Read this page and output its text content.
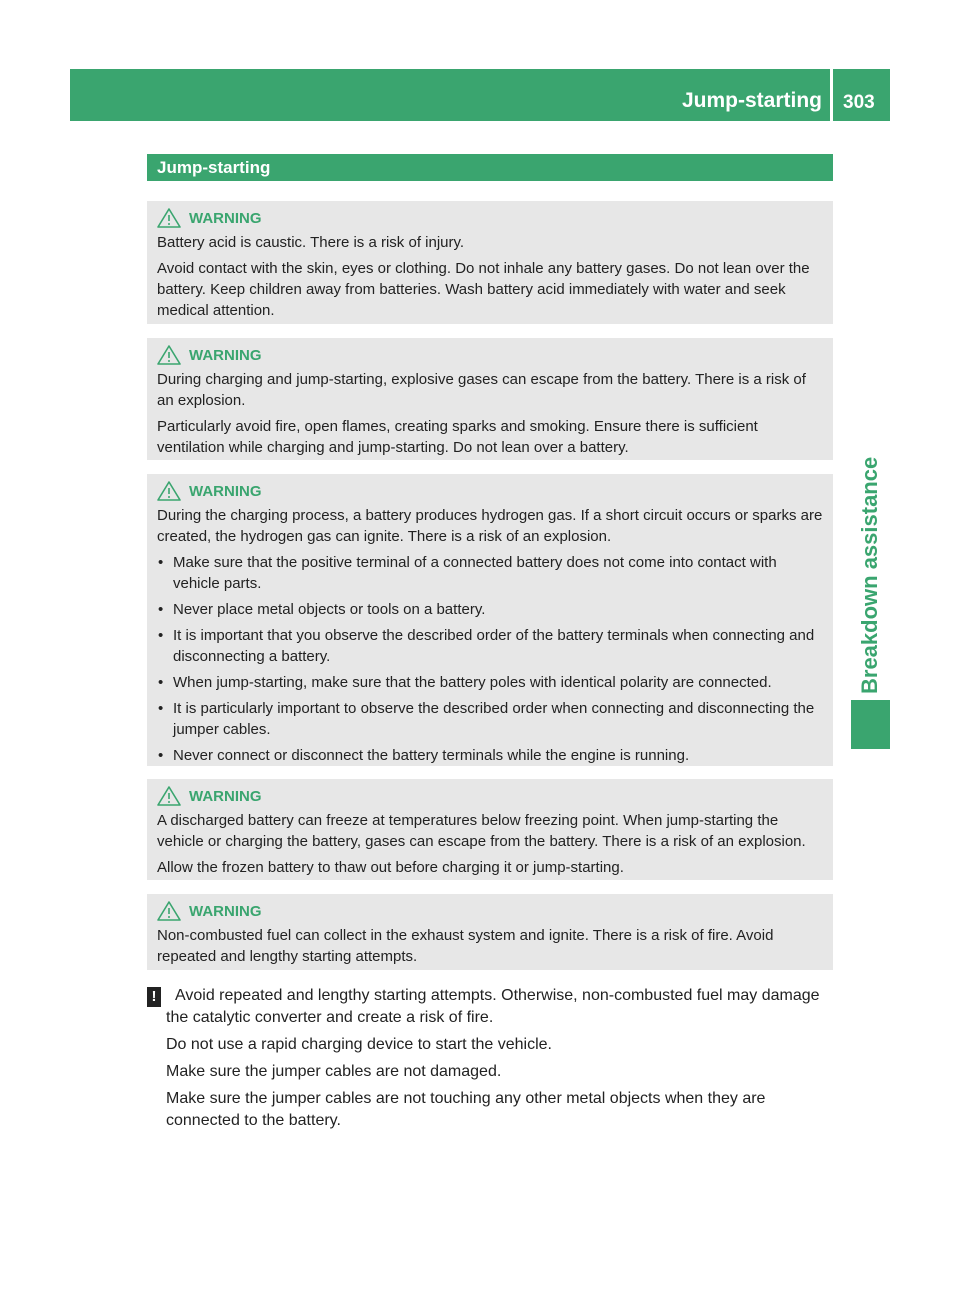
Jump-starting 303
Breakdown assistance
Jump-starting
WARNING

Battery acid is caustic. There is a risk of injury.

Avoid contact with the skin, eyes or clothing. Do not inhale any battery gases. Do not lean over the battery. Keep children away from batteries. Wash battery acid immediately with water and seek medical attention.

WARNING

During charging and jump-starting, explosive gases can escape from the battery. There is a risk of an explosion.

Particularly avoid fire, open flames, creating sparks and smoking. Ensure there is sufficient ventilation while charging and jump-starting. Do not lean over a battery.

WARNING

During the charging process, a battery produces hydrogen gas. If a short circuit occurs or sparks are created, the hydrogen gas can ignite. There is a risk of an explosion.

• Make sure that the positive terminal of a connected battery does not come into contact with vehicle parts.
• Never place metal objects or tools on a battery.
• It is important that you observe the described order of the battery terminals when connecting and disconnecting a battery.
• When jump-starting, make sure that the battery poles with identical polarity are connected.
• It is particularly important to observe the described order when connecting and disconnecting the jumper cables.
• Never connect or disconnect the battery terminals while the engine is running.
WARNING

A discharged battery can freeze at temperatures below freezing point. When jump-starting the vehicle or charging the battery, gases can escape from the battery. There is a risk of an explosion.

Allow the frozen battery to thaw out before charging it or jump-starting.

WARNING

Non-combusted fuel can collect in the exhaust system and ignite. There is a risk of fire. Avoid repeated and lengthy starting attempts.

!	Avoid repeated and lengthy starting attempts. Otherwise, non-combusted fuel may damage the catalytic converter and create a risk of fire.

Do not use a rapid charging device to start the vehicle.

Make sure the jumper cables are not damaged.

Make sure the jumper cables are not touching any other metal objects when they are connected to the battery.
